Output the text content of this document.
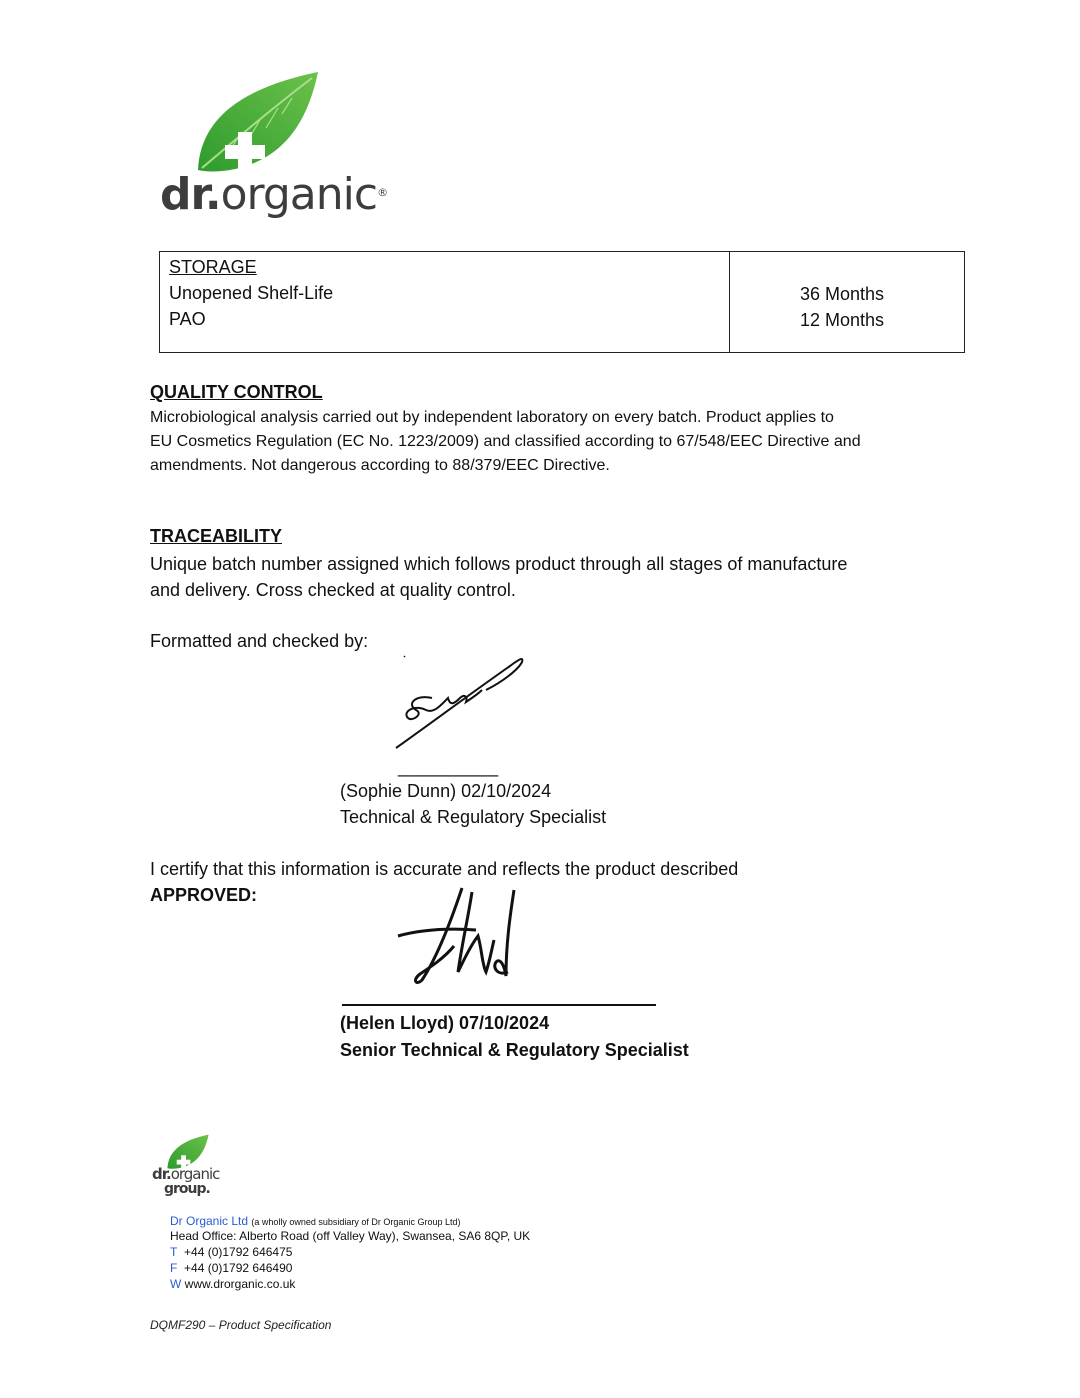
dr.organic®
STORAGE
Unopened Shelf-Life
PAO
36 Months
12 Months
QUALITY CONTROL
Microbiological analysis carried out by independent laboratory on every batch. Product applies to
EU Cosmetics Regulation (EC No. 1223/2009) and classified according to 67/548/EEC Directive and
amendments. Not dangerous according to 88/379/EEC Directive.
TRACEABILITY
Unique batch number assigned which follows product through all stages of manufacture
and delivery. Cross checked at quality control.
Formatted and checked by:
__________
(Sophie Dunn) 02/10/2024
Technical & Regulatory Specialist
I certify that this information is accurate and reflects the product described
APPROVED:
(Helen Lloyd) 07/10/2024
Senior Technical & Regulatory Specialist
dr.organic
group.
Dr Organic Ltd (a wholly owned subsidiary of Dr Organic Group Ltd)
Head Office: Alberto Road (off Valley Way), Swansea, SA6 8QP, UK
T +44 (0)1792 646475
F +44 (0)1792 646490
W www.drorganic.co.uk
DQMF290 – Product Specification
